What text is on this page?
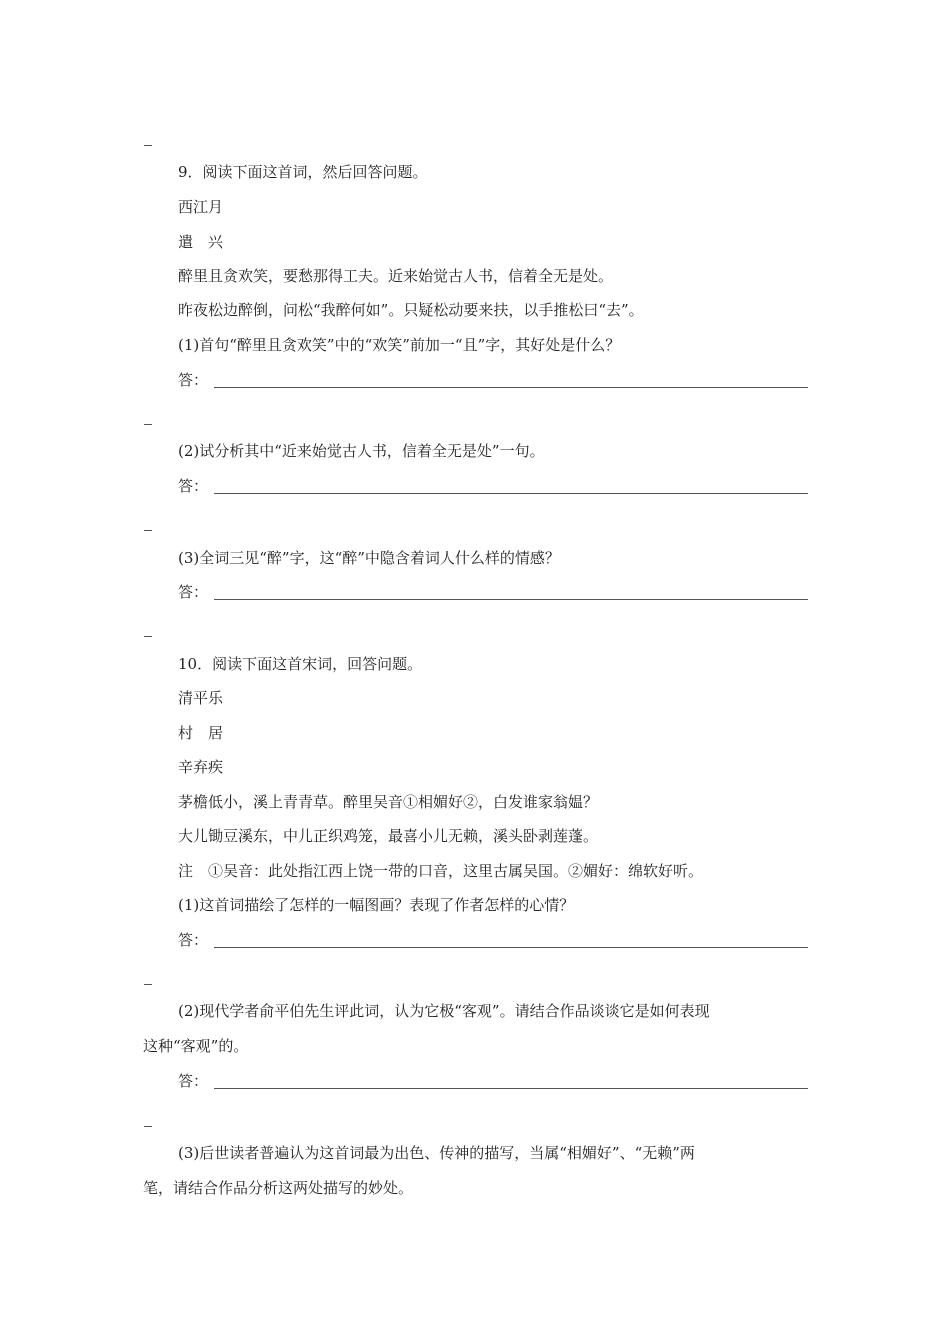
9．阅读下面这首词，然后回答问题。
西江月
遣　兴
醉里且贪欢笑，要愁那得工夫。近来始觉古人书，信着全无是处。
昨夜松边醉倒，问松“我醉何如”。只疑松动要来扶，以手推松曰“去”。
(1)首句“醉里且贪欢笑”中的“欢笑”前加一“且”字，其好处是什么？
答：
(2)试分析其中“近来始觉古人书，信着全无是处”一句。
答：
(3)全词三见“醉”字，这“醉”中隐含着词人什么样的情感？
答：
10．阅读下面这首宋词，回答问题。
清平乐
村　居
辛弃疾
茅檐低小，溪上青青草。醉里吴音①相媚好②，白发谁家翁媪？
大儿锄豆溪东，中儿正织鸡笼，最喜小儿无赖，溪头卧剥莲蓬。
注　①吴音：此处指江西上饶一带的口音，这里古属吴国。②媚好：绵软好听。
(1)这首词描绘了怎样的一幅图画？表现了作者怎样的心情？
答：
(2)现代学者俞平伯先生评此词，认为它极“客观”。请结合作品谈谈它是如何表现
这种“客观”的。
答：
(3)后世读者普遍认为这首词最为出色、传神的描写，当属“相媚好”、“无赖”两
笔，请结合作品分析这两处描写的妙处。
